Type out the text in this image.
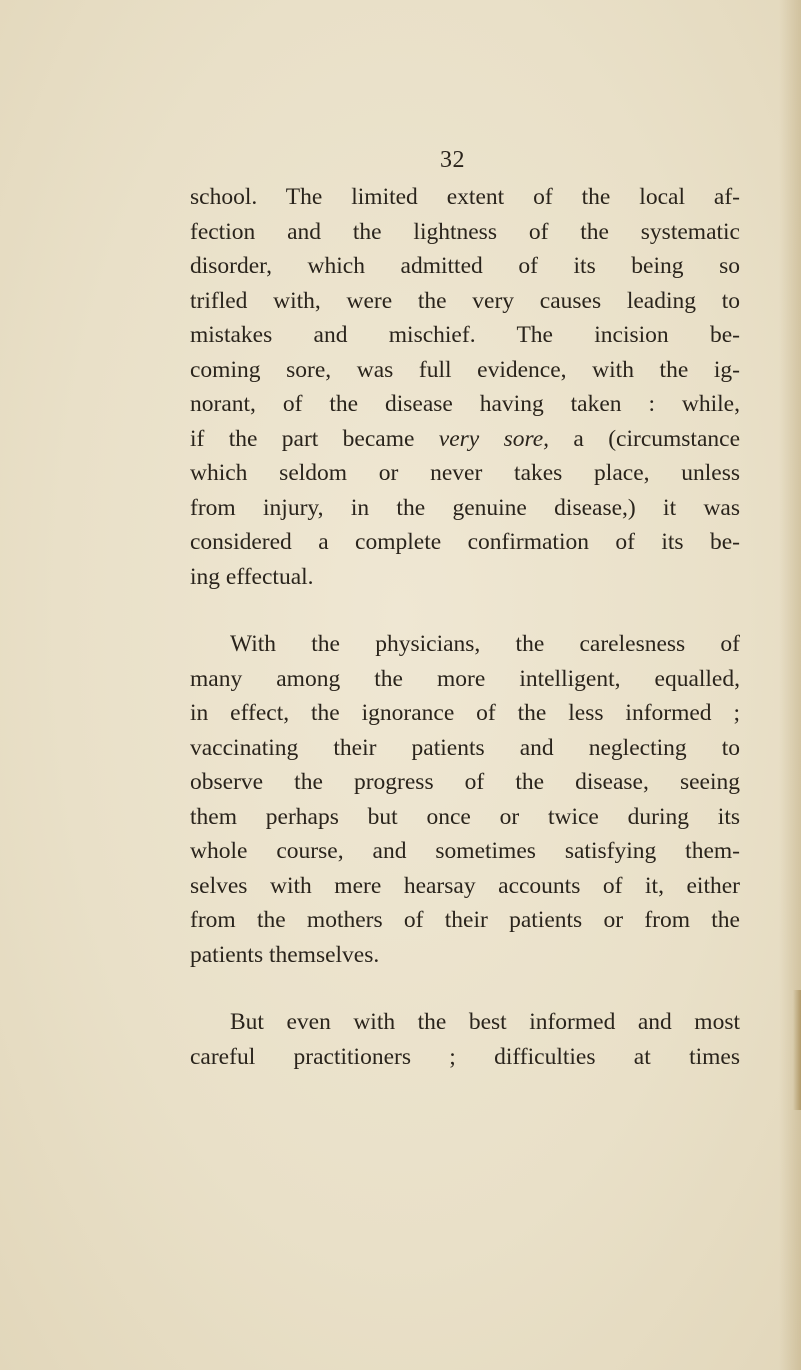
32
school. The limited extent of the local af-
fection and the lightness of the systematic
disorder, which admitted of its being so
trifled with, were the very causes leading to
mistakes and mischief. The incision be-
coming sore, was full evidence, with the ig-
norant, of the disease having taken : while,
if the part became very sore, a (circumstance
which seldom or never takes place, unless
from injury, in the genuine disease,) it was
considered a complete confirmation of its be-
ing effectual.
With the physicians, the carelesness of
many among the more intelligent, equalled,
in effect, the ignorance of the less informed ;
vaccinating their patients and neglecting to
observe the progress of the disease, seeing
them perhaps but once or twice during its
whole course, and sometimes satisfying them-
selves with mere hearsay accounts of it, either
from the mothers of their patients or from the
patients themselves.
But even with the best informed and most
careful practitioners ; difficulties at times
